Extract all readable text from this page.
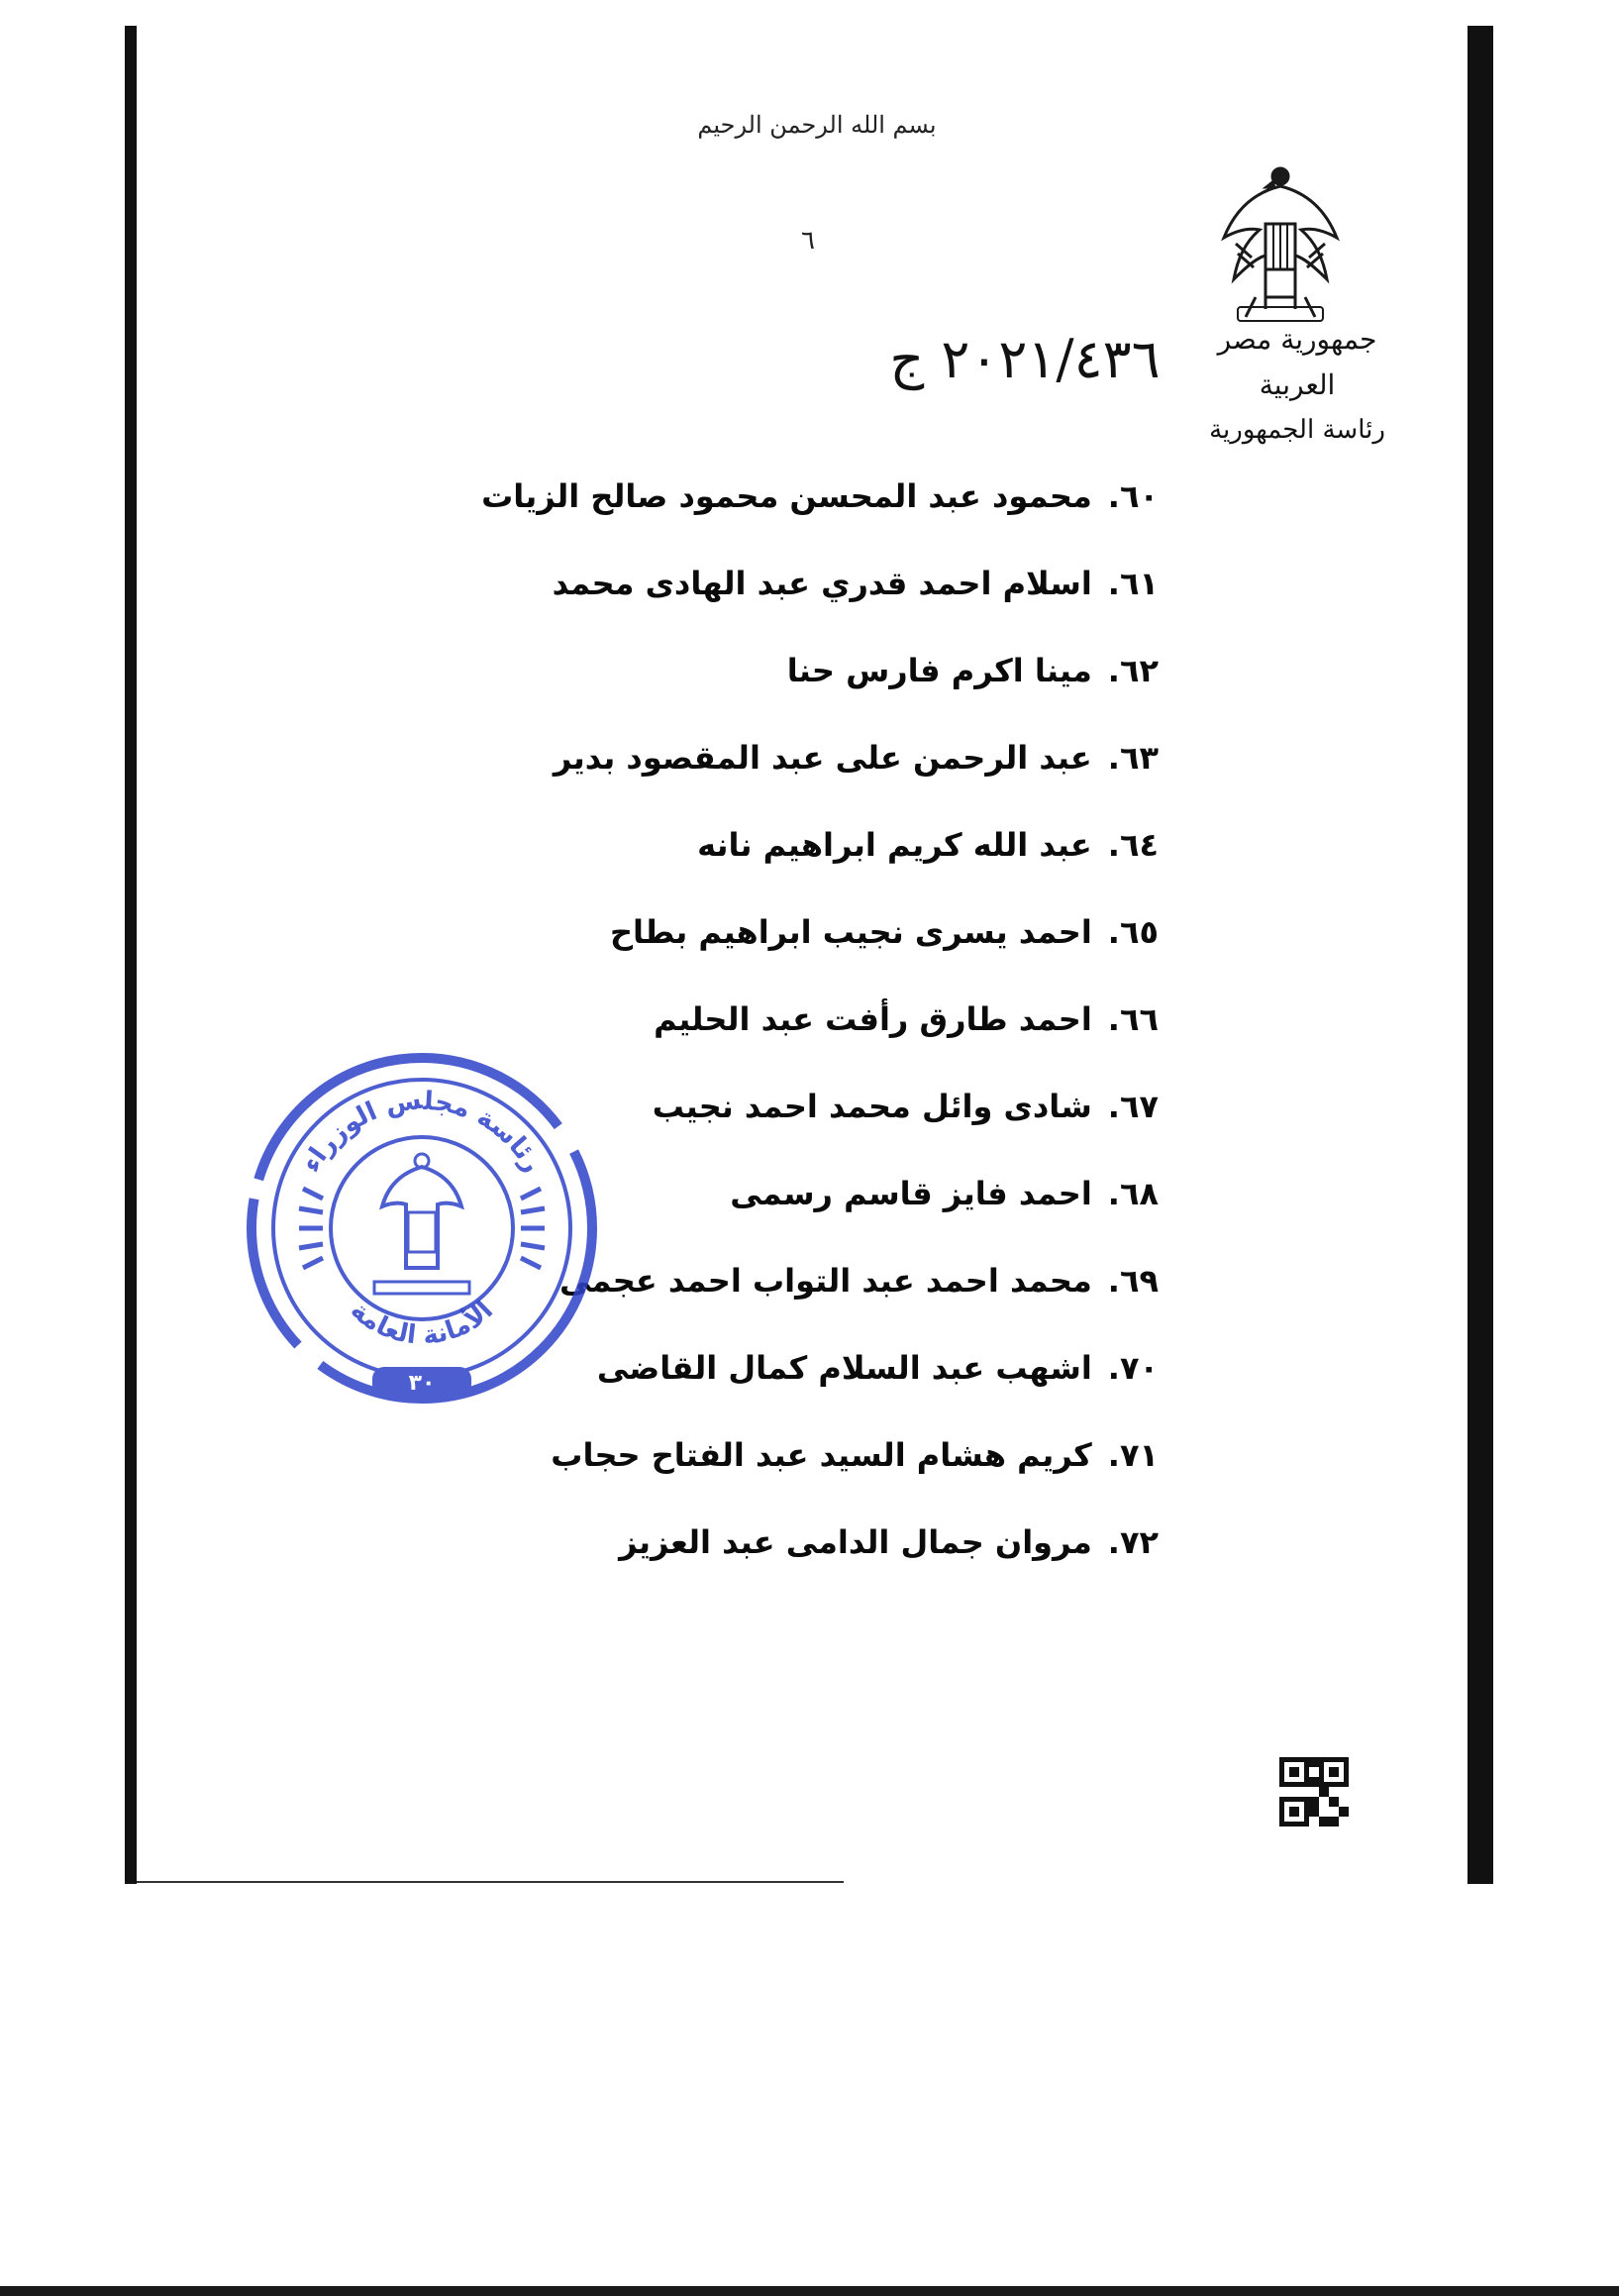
بسم الله الرحمن الرحيم
٦
٢٠٢١/٤٣٦ ج	جمهورية مصر العربية
رئاسة الجمهورية
٦٠.محمود عبد المحسن محمود صالح الزيات
٦١.اسلام احمد قدري عبد الهادى محمد
٦٢.مينا اكرم فارس حنا
٦٣.عبد الرحمن على عبد المقصود بدير
٦٤.عبد الله كريم ابراهيم نانه
٦٥.احمد يسرى نجيب ابراهيم بطاح
٦٦.احمد طارق رأفت عبد الحليم
٦٧.شادى وائل محمد احمد نجيب
٦٨.احمد فايز قاسم رسمى
٦٩.محمد احمد عبد التواب احمد عجمى
٧٠.اشهب عبد السلام كمال القاضى
٧١.كريم هشام السيد عبد الفتاح حجاب
٧٢.مروان جمال الدامى عبد العزيز
رئاسة مجلس الوزراء
الأمانة العامة
٣٠
